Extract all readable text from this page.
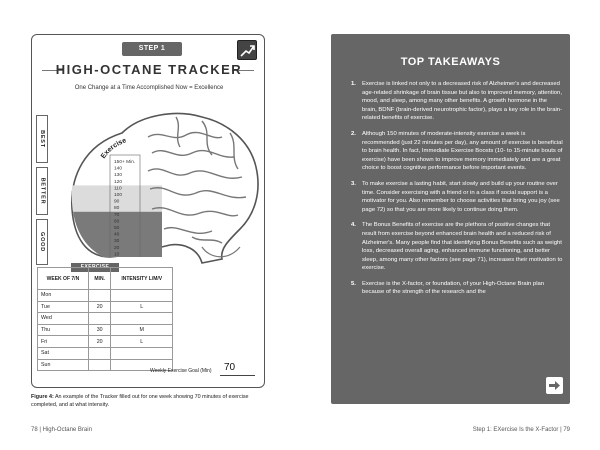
STEP 1
HIGH-OCTANE TRACKER
One Change at a Time Accomplished Now = Excellence
BEST
BETTER
GOOD
150+ Min.
140
130
120
110
100
90
80
70
60
50
40
30
20
10
Exercise
EXERCISE
WEEK OF 7/N	MIN.	INTENSITY L/M/V
Mon		
Tue	20	L
Wed		
Thu	30	M
Fri	20	L
Sat		
Sun		
Weekly Exercise Goal (Min) 70
Figure 4: An example of the Tracker filled out for one week showing 70 minutes of exercise completed, and at what intensity.
78 | High-Octane Brain
TOP TAKEAWAYS
1. Exercise is linked not only to a decreased risk of Alzheimer's and decreased age-related shrinkage of brain tissue but also to improved memory, attention, mood, and sleep, among many other benefits. A growth hormone in the brain, BDNF (brain-derived neurotrophic factor), plays a key role in the brain-related benefits of exercise.
2. Although 150 minutes of moderate-intensity exercise a week is recommended (just 22 minutes per day), any amount of exercise is beneficial to brain health. In fact, Immediate Exercise Boosts (10- to 15-minute bouts of exercise) have been shown to improve memory immediately and are a great choice to boost cognitive performance before important events.
3. To make exercise a lasting habit, start slowly and build up your routine over time. Consider exercising with a friend or in a class if social support is a motivator for you. Also remember to choose activities that bring you joy (see page 72) so that you are more likely to continue doing them.
4. The Bonus Benefits of exercise are the plethora of positive changes that result from exercise beyond enhanced brain health and a reduced risk of Alzheimer's. Many people find that identifying Bonus Benefits such as weight loss, decreased overall aging, enhanced immune functioning, and better sleep, among many other factors (see page 71), increases their motivation to exercise.
5. Exercise is the X-factor, or foundation, of your High-Octane Brain plan because of the strength of the research and the
Step 1: EXercise Is the X-Factor | 79
